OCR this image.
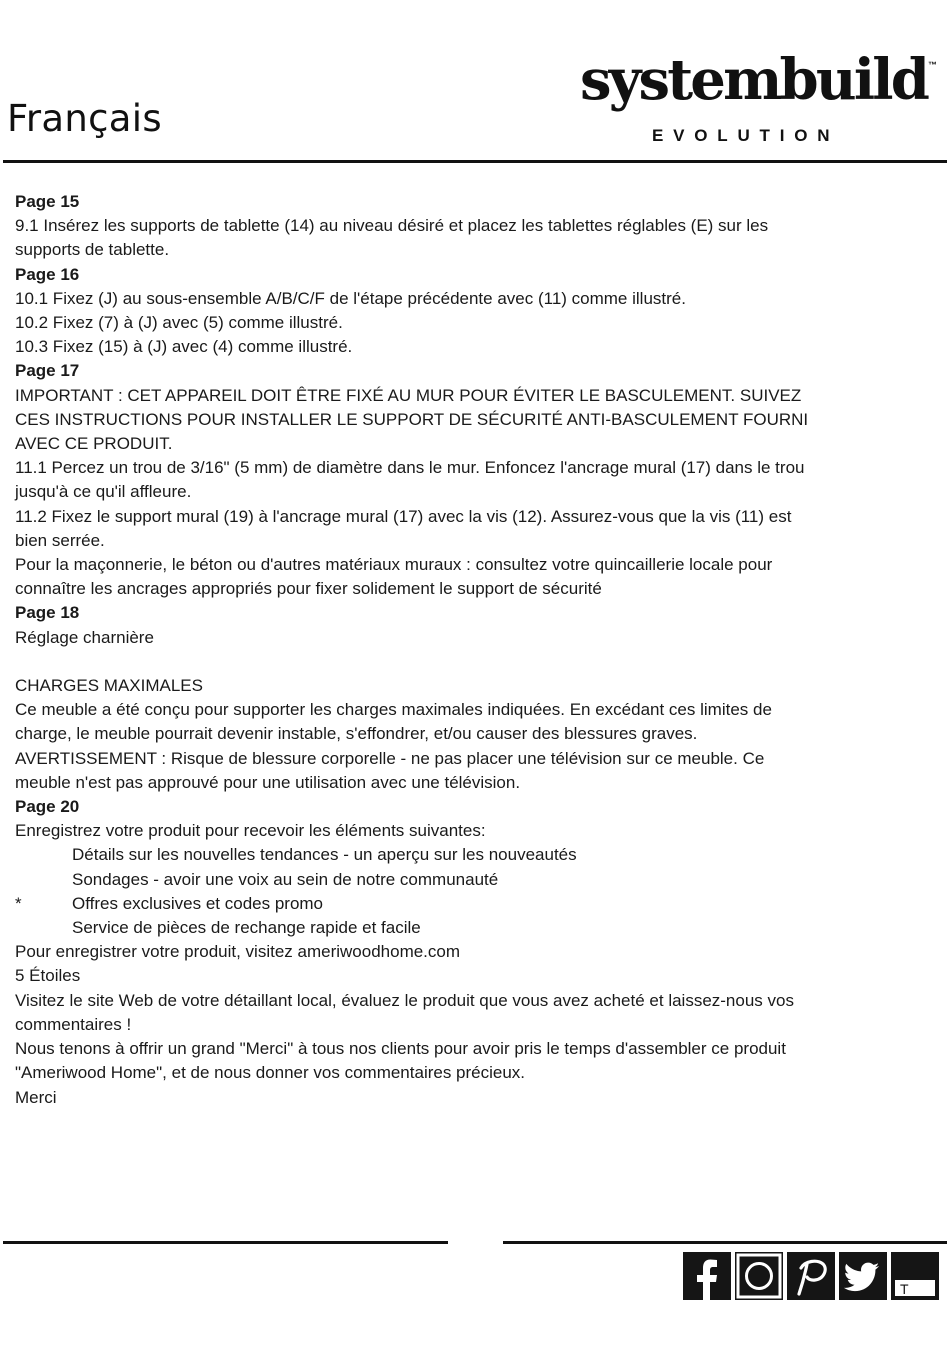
Français
systembuild ™
EVOLUTION

Page 15

9.1 Insérez les supports de tablette (14) au niveau désiré et placez les tablettes réglables (E) sur les

supports de tablette.

Page 16

10.1 Fixez (J) au sous-ensemble A/B/C/F de l'étape précédente avec (11) comme illustré.

10.2 Fixez (7) à (J) avec (5) comme illustré.

10.3 Fixez (15) à (J) avec (4) comme illustré.

Page 17

IMPORTANT : CET APPAREIL DOIT ÊTRE FIXÉ AU MUR POUR ÉVITER LE BASCULEMENT. SUIVEZ

CES INSTRUCTIONS POUR INSTALLER LE SUPPORT DE SÉCURITÉ ANTI-BASCULEMENT FOURNI

AVEC CE PRODUIT.

11.1 Percez un trou de 3/16" (5 mm) de diamètre dans le mur. Enfoncez l'ancrage mural (17) dans le trou

jusqu'à ce qu'il affleure.

11.2 Fixez le support mural (19) à l'ancrage mural (17) avec la vis (12). Assurez-vous que la vis (11) est

bien serrée.

Pour la maçonnerie, le béton ou d'autres matériaux muraux : consultez votre quincaillerie locale pour

connaître les ancrages appropriés pour fixer solidement le support de sécurité

Page 18

Réglage charnière

CHARGES MAXIMALES

Ce meuble a été conçu pour supporter les charges maximales indiquées. En excédant ces limites de

charge, le meuble pourrait devenir instable, s'effondrer, et/ou causer des blessures graves.

AVERTISSEMENT : Risque de blessure corporelle - ne pas placer une télévision sur ce meuble. Ce

meuble n'est pas approuvé pour une utilisation avec une télévision.

Page 20

Enregistrez votre produit pour recevoir les éléments suivantes:

Détails sur les nouvelles tendances - un aperçu sur les nouveautés

Sondages - avoir une voix au sein de notre communauté

*	Offres exclusives et codes promo

Service de pièces de rechange rapide et facile

Pour enregistrer votre produit, visitez ameriwoodhome.com

5 Étoiles

Visitez le site Web de votre détaillant local, évaluez le produit que vous avez acheté et laissez-nous vos

commentaires !

Nous tenons à offrir un grand "Merci" à tous nos clients pour avoir pris le temps d'assembler ce produit

"Ameriwood Home", et de nous donner vos commentaires précieux.

Merci

T
